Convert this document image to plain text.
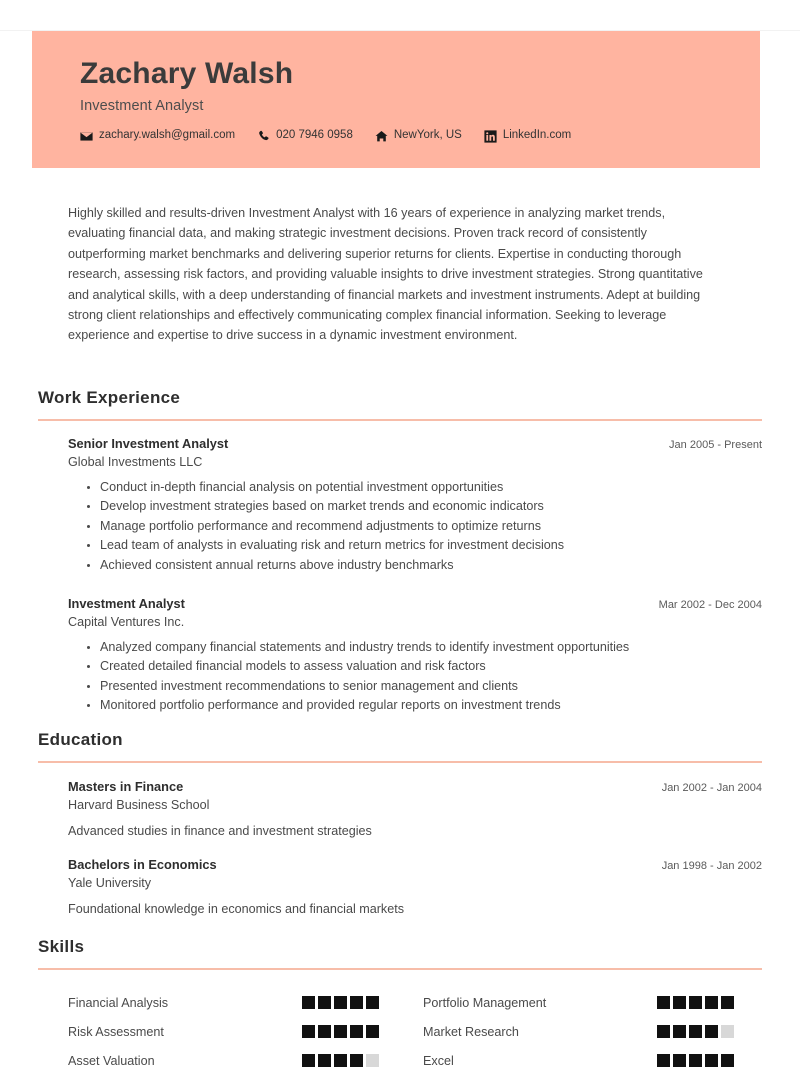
Zachary Walsh
Investment Analyst
zachary.walsh@gmail.com	020 7946 0958	NewYork, US	LinkedIn.com
Highly skilled and results-driven Investment Analyst with 16 years of experience in analyzing market trends, evaluating financial data, and making strategic investment decisions. Proven track record of consistently outperforming market benchmarks and delivering superior returns for clients. Expertise in conducting thorough research, assessing risk factors, and providing valuable insights to drive investment strategies. Strong quantitative and analytical skills, with a deep understanding of financial markets and investment instruments. Adept at building strong client relationships and effectively communicating complex financial information. Seeking to leverage experience and expertise to drive success in a dynamic investment environment.
Work Experience
Senior Investment Analyst	Jan 2005 - Present
Global Investments LLC
Conduct in-depth financial analysis on potential investment opportunities
Develop investment strategies based on market trends and economic indicators
Manage portfolio performance and recommend adjustments to optimize returns
Lead team of analysts in evaluating risk and return metrics for investment decisions
Achieved consistent annual returns above industry benchmarks
Investment Analyst	Mar 2002 - Dec 2004
Capital Ventures Inc.
Analyzed company financial statements and industry trends to identify investment opportunities
Created detailed financial models to assess valuation and risk factors
Presented investment recommendations to senior management and clients
Monitored portfolio performance and provided regular reports on investment trends
Education
Masters in Finance	Jan 2002 - Jan 2004
Harvard Business School
Advanced studies in finance and investment strategies
Bachelors in Economics	Jan 1998 - Jan 2002
Yale University
Foundational knowledge in economics and financial markets
Skills
Financial Analysis	Portfolio Management
Risk Assessment	Market Research
Asset Valuation	Excel
